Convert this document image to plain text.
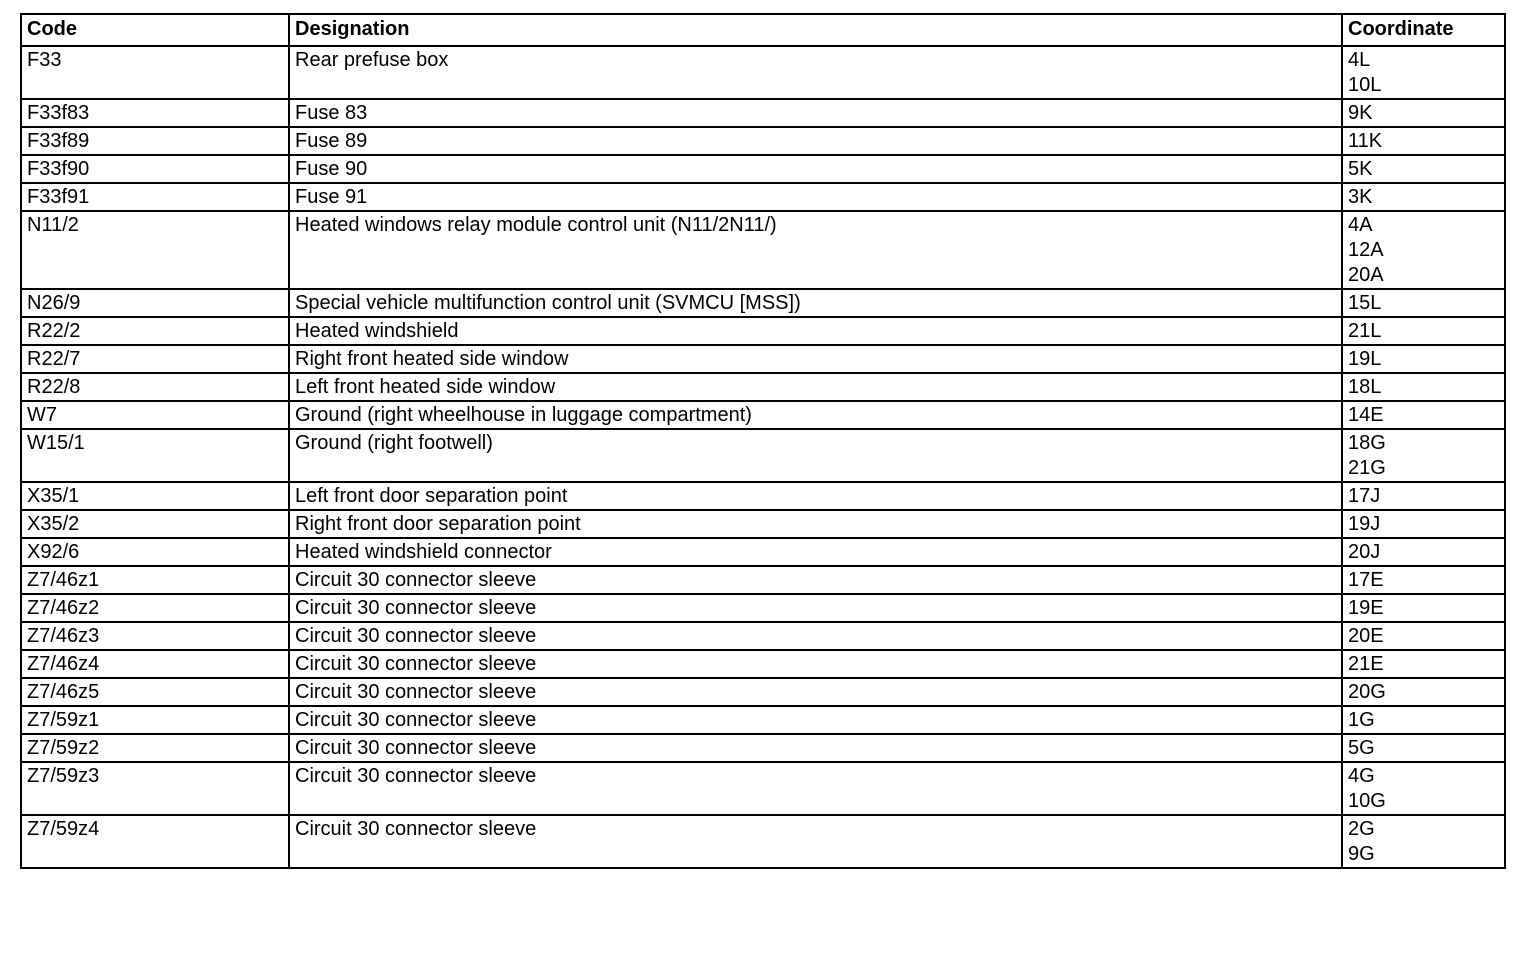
Code	Designation	Coordinate
F33	Rear prefuse box	4L
10L

F33f83	Fuse 83	9K

F33f89	Fuse 89	11K

F33f90	Fuse 90	5K

F33f91	Fuse 91	3K

N11/2	Heated windows relay module control unit (N11/2N11/)	4A
12A
20A

N26/9	Special vehicle multifunction control unit (SVMCU [MSS])	15L

R22/2	Heated windshield	21L

R22/7	Right front heated side window	19L

R22/8	Left front heated side window	18L

W7	Ground (right wheelhouse in luggage compartment)	14E

W15/1	Ground (right footwell)	18G
21G

X35/1	Left front door separation point	17J

X35/2	Right front door separation point	19J

X92/6	Heated windshield connector	20J

Z7/46z1	Circuit 30 connector sleeve	17E

Z7/46z2	Circuit 30 connector sleeve	19E

Z7/46z3	Circuit 30 connector sleeve	20E

Z7/46z4	Circuit 30 connector sleeve	21E

Z7/46z5	Circuit 30 connector sleeve	20G

Z7/59z1	Circuit 30 connector sleeve	1G

Z7/59z2	Circuit 30 connector sleeve	5G

Z7/59z3	Circuit 30 connector sleeve	4G
10G

Z7/59z4	Circuit 30 connector sleeve	2G
9G
